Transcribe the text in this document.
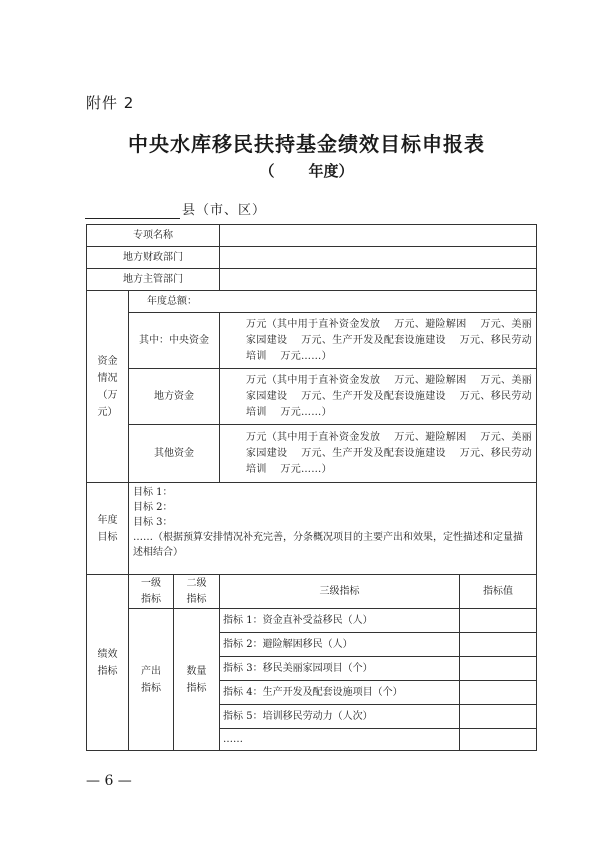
附件 2
中央水库移民扶持基金绩效目标申报表
（ 年度）
县（市、区）
专项名称				
地方财政部门				
地方主管部门				

资金情况（万元）	年度总额：			
	其中：中央资金		万元（其中用于直补资金发放　 万元、避险解困　 万元、美丽家园建设　 万元、生产开发及配套设施建设　 万元、移民劳动培训　 万元……）	

	地方资金		万元（其中用于直补资金发放　 万元、避险解困　 万元、美丽家园建设　 万元、生产开发及配套设施建设　 万元、移民劳动培训　 万元……）	

	其他资金		万元（其中用于直补资金发放　 万元、避险解困　 万元、美丽家园建设　 万元、生产开发及配套设施建设　 万元、移民劳动培训　 万元……）	

年度目标	目标 1：
目标 2：
目标 3：
……（根据预算安排情况补充完善，分条概况项目的主要产出和效果，定性描述和定量描述相结合）			

绩效指标	一级指标	二级指标	三级指标	指标值

	产出指标	数量指标	指标 1：资金直补受益移民（人）	
			指标 2：避险解困移民（人）	
			指标 3：移民美丽家园项目（个）	
			指标 4：生产开发及配套设施项目（个）	
			指标 5：培训移民劳动力（人次）	
			……	
— 6 —
